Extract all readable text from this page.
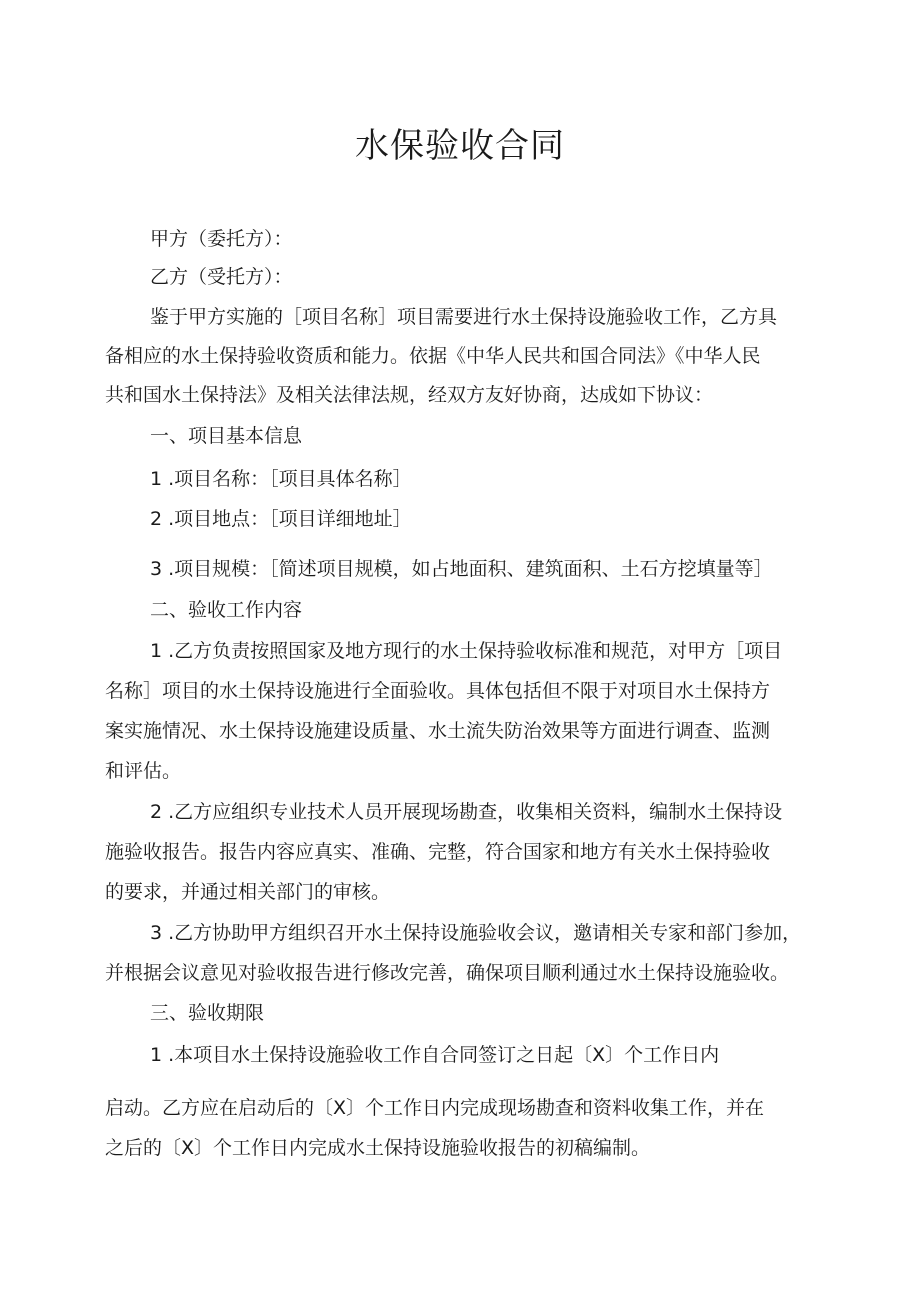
水保验收合同

甲方（委托方）：

乙方（受托方）：

鉴于甲方实施的［项目名称］项目需要进行水土保持设施验收工作，乙方具

备相应的水土保持验收资质和能力。依据《中华人民共和国合同法》《中华人民

共和国水土保持法》及相关法律法规，经双方友好协商，达成如下协议：

一、项目基本信息

1 .项目名称：［项目具体名称］

2 .项目地点：［项目详细地址］

3 .项目规模：［简述项目规模，如占地面积、建筑面积、土石方挖填量等］

二、验收工作内容

1 .乙方负责按照国家及地方现行的水土保持验收标准和规范，对甲方［项目

名称］项目的水土保持设施进行全面验收。具体包括但不限于对项目水土保持方

案实施情况、水土保持设施建设质量、水土流失防治效果等方面进行调查、监测

和评估。

2 .乙方应组织专业技术人员开展现场勘查，收集相关资料，编制水土保持设

施验收报告。报告内容应真实、准确、完整，符合国家和地方有关水土保持验收

的要求，并通过相关部门的审核。

3 .乙方协助甲方组织召开水土保持设施验收会议，邀请相关专家和部门参加，

并根据会议意见对验收报告进行修改完善，确保项目顺利通过水土保持设施验收。

三、验收期限

1 .本项目水土保持设施验收工作自合同签订之日起〔X〕个工作日内

启动。乙方应在启动后的〔X〕个工作日内完成现场勘查和资料收集工作，并在

之后的〔X〕个工作日内完成水土保持设施验收报告的初稿编制。
